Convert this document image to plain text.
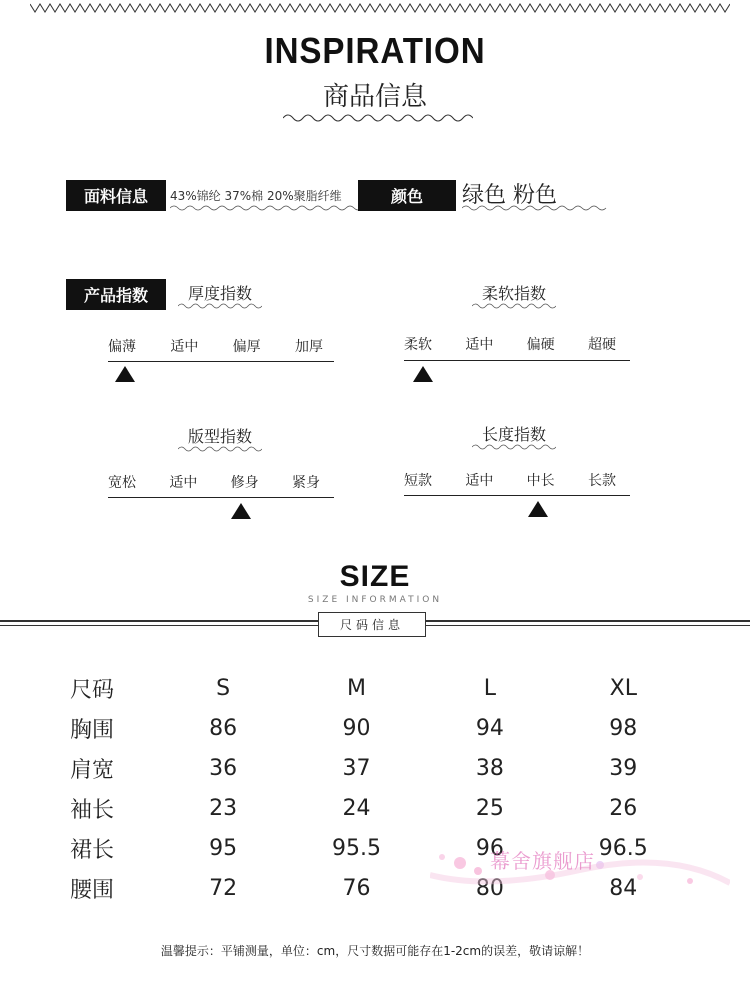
INSPIRATION
商品信息
面料信息	43%锦纶 37%棉 20%聚脂纤维	颜色	绿色 粉色
产品指数	厚度指数
偏薄 适中 偏厚 加厚
柔软指数
柔软 适中 偏硬 超硬
版型指数
宽松 适中 修身 紧身
长度指数
短款 适中 中长 长款
SIZE
SIZE INFORMATION
尺码信息
尺码	S	M	L	XL
胸围	86	90	94	98
肩宽	36	37	38	39
袖长	23	24	25	26
裙长	95	95.5	96	96.5
腰围	72	76	80	84
幕舍旗舰店
温馨提示：平铺测量，单位：cm，尺寸数据可能存在1-2cm的误差，敬请谅解！
